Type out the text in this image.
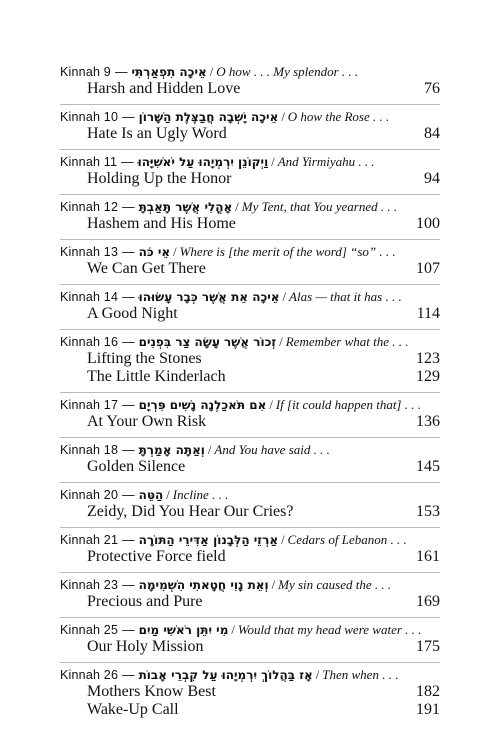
Kinnah 9 — אֵיכָה תִפְאַרְתִּי / O how . . . My splendor . . .
Harsh and Hidden Love	76
Kinnah 10 — אֵיכָה יָשְׁבָה חֲבַצֶּלֶת הַשָּׁרוֹן / O how the Rose . . .
Hate Is an Ugly Word	84
Kinnah 11 — וַיְקוֹנֵן יִרְמְיָהוּ עַל יֹאשִׁיָּהוּ / And Yirmiyahu . . .
Holding Up the Honor	94
Kinnah 12 — אָהֳלִי אֲשֶׁר תָּאַבְתָּ / My Tent, that You yearned . . .
Hashem and His Home	100
Kinnah 13 — אֵי כֹּה / Where is [the merit of the word] “so” . . .
We Can Get There	107
Kinnah 14 — אֵיכָה אֵת אֲשֶׁר כְּבָר עָשׂוּהוּ / Alas — that it has . . .
A Good Night	114
Kinnah 16 — זְכוֹר אֲשֶׁר עָשָׂה צַר בִּפְנִים / Remember what the . . .
Lifting the Stones	123
The Little Kinderlach	129
Kinnah 17 — אִם תֹּאכַלְנָה נָשִׁים פִּרְיָם / If [it could happen that] . . .
At Your Own Risk	136
Kinnah 18 — וְאַתָּה אָמַרְתָּ / And You have said . . .
Golden Silence	145
Kinnah 20 — הַטֵּה / Incline . . .
Zeidy, Did You Hear Our Cries?	153
Kinnah 21 — אַרְזֵי הַלְּבָנוֹן אַדִּירֵי הַתּוֹרָה / Cedars of Lebanon . . .
Protective Force field	161
Kinnah 23 — וְאֵת נָוִי חֲטָאתִי הִשְׁמִימָה / My sin caused the . . .
Precious and Pure	169
Kinnah 25 — מִי יִתֵּן רֹאשִׁי מַיִם / Would that my head were water . . .
Our Holy Mission	175
Kinnah 26 — אָז בַּהֲלוֹךְ יִרְמְיָהוּ עַל קִבְרֵי אָבוֹת / Then when . . .
Mothers Know Best	182
Wake-Up Call	191
